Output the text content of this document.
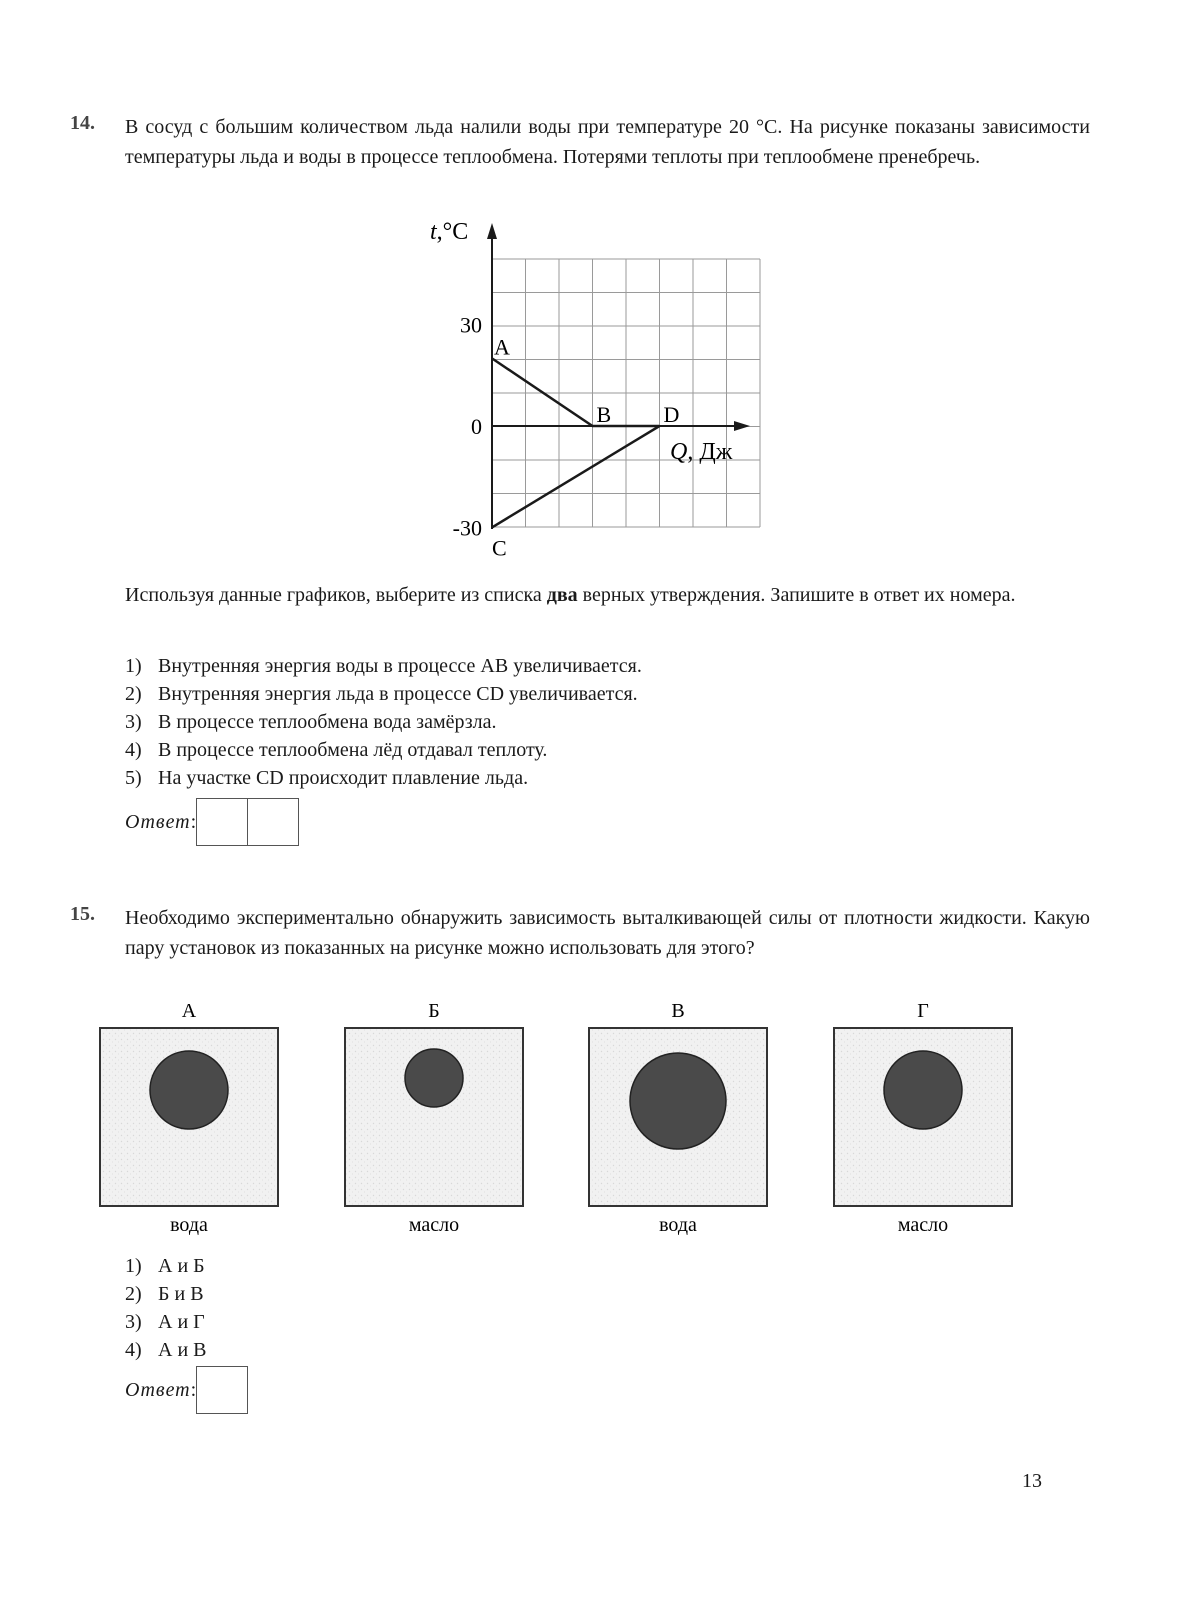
14.	В сосуд с большим количеством льда налили воды при температуре 20 °С. На рисунке показаны зависимости температуры льда и воды в процессе теплообмена. Потерями теплоты при теплообмене пренебречь.
t,°С
Q, Дж
30
0
-30
A
B D
C
Используя данные графиков, выберите из списка два верных утверждения. Запишите в ответ их номера.
1) Внутренняя энергия воды в процессе АВ увеличивается.
2) Внутренняя энергия льда в процессе CD увеличивается.
3) В процессе теплообмена вода замёрзла.
4) В процессе теплообмена лёд отдавал теплоту.
5) На участке CD происходит плавление льда.
Ответ :
15.	Необходимо экспериментально обнаружить зависимость выталкивающей силы от плотности жидкости. Какую пару установок из показанных на рисунке можно использовать для этого?
А
вода
Б
масло
В
вода
Г
масло
1) А и Б
2) Б и В
3) А и Г
4) А и В
Ответ :
13
